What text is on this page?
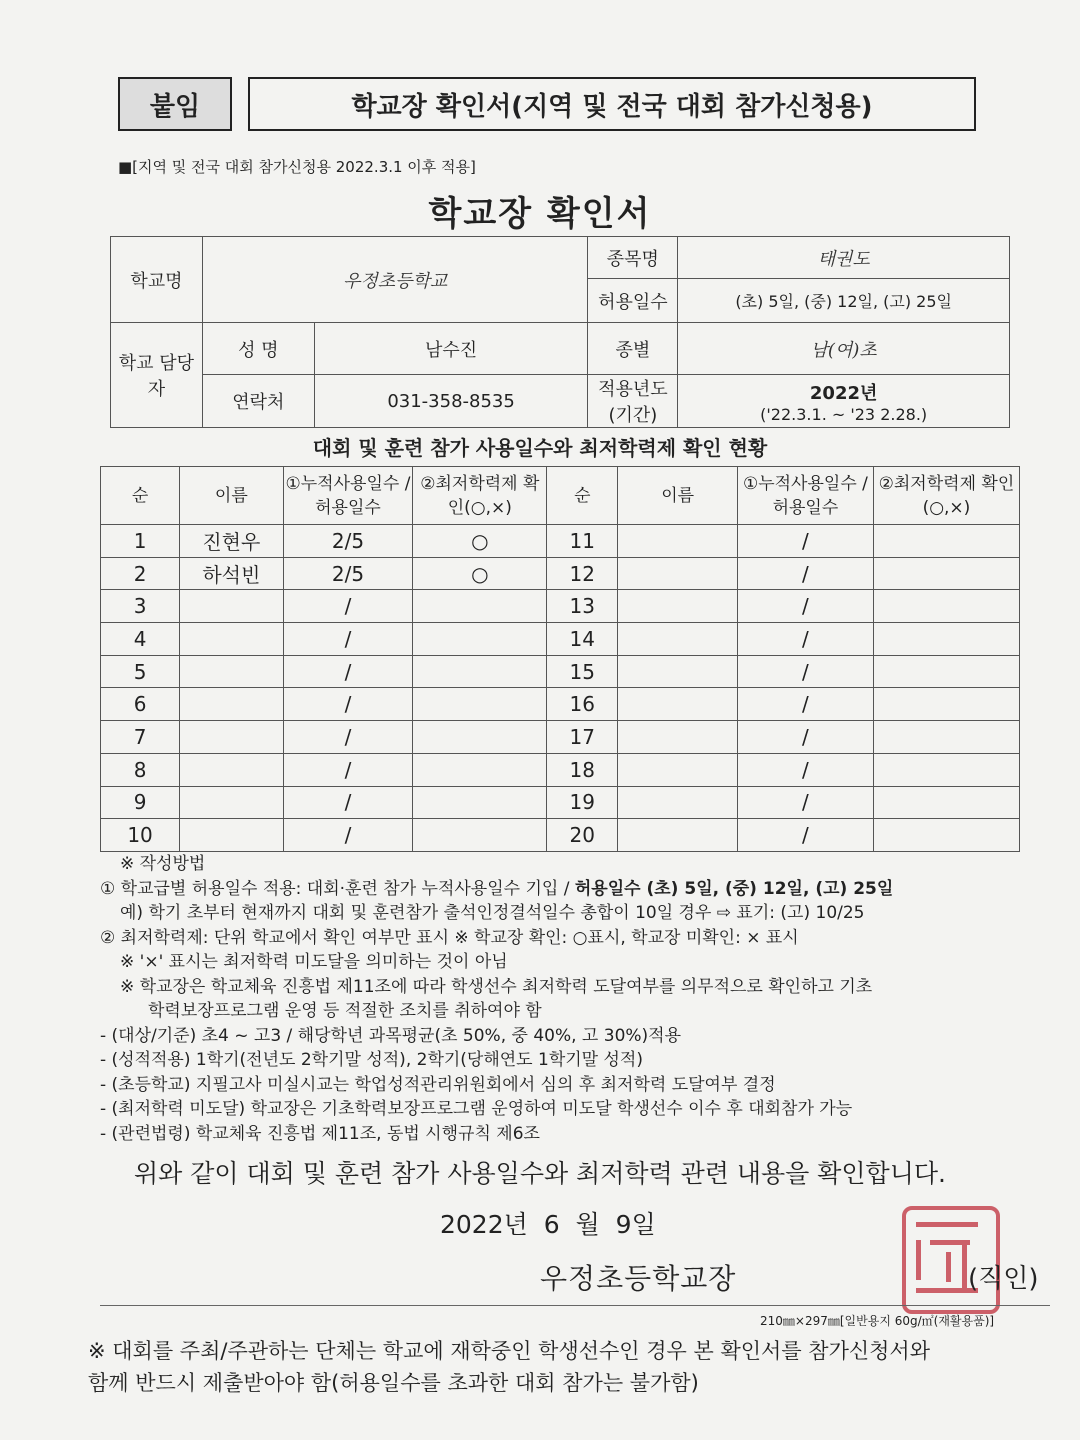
붙임	학교장 확인서(지역 및 전국 대회 참가신청용)
■[지역 및 전국 대회 참가신청용 2022.3.1 이후 적용]
학교장 확인서
학교명	우정초등학교		종목명	태권도
			허용일수	(초) 5일, (중) 12일, (고) 25일
학교 담당자	성 명	남수진	종별	남(여)초
	연락처	031-358-8535	적용년도 (기간)	2022년
('22.3.1. ~ '23 2.28.)
대회 및 훈련 참가 사용일수와 최저학력제 확인 현황
순	이름	①누적사용일수 /허용일수	②최저학력제 확인(○,×)	순	이름	①누적사용일수 /허용일수	②최저학력제 확인(○,×)
1	진현우	2/5	○	11		/	
2	하석빈	2/5	○	12		/	
3		/		13		/	
4		/		14		/	
5		/		15		/	
6		/		16		/	
7		/		17		/	
8		/		18		/	
9		/		19		/	
10		/		20		/	
※ 작성방법
① 학교급별 허용일수 적용: 대회·훈련 참가 누적사용일수 기입 / 허용일수 (초) 5일, (중) 12일, (고) 25일
예) 학기 초부터 현재까지 대회 및 훈련참가 출석인정결석일수 총합이 10일 경우 ⇨ 표기: (고) 10/25
② 최저학력제: 단위 학교에서 확인 여부만 표시 ※ 학교장 확인: ○표시, 학교장 미확인: × 표시
※ '×' 표시는 최저학력 미도달을 의미하는 것이 아님
※ 학교장은 학교체육 진흥법 제11조에 따라 학생선수 최저학력 도달여부를 의무적으로 확인하고 기초
학력보장프로그램 운영 등 적절한 조치를 취하여야 함
- (대상/기준) 초4 ~ 고3 / 해당학년 과목평균(초 50%, 중 40%, 고 30%)적용
- (성적적용) 1학기(전년도 2학기말 성적), 2학기(당해연도 1학기말 성적)
- (초등학교) 지필고사 미실시교는 학업성적관리위원회에서 심의 후 최저학력 도달여부 결정
- (최저학력 미도달) 학교장은 기초학력보장프로그램 운영하여 미도달 학생선수 이수 후 대회참가 가능
- (관련법령) 학교체육 진흥법 제11조, 동법 시행규칙 제6조
위와 같이 대회 및 훈련 참가 사용일수와 최저학력 관련 내용을 확인합니다.
2022년 6 월 9일
우정초등학교장	(직인)
210㎜×297㎜[일반용지 60g/㎡(재활용품)]
※ 대회를 주최/주관하는 단체는 학교에 재학중인 학생선수인 경우 본 확인서를 참가신청서와
함께 반드시 제출받아야 함(허용일수를 초과한 대회 참가는 불가함)
